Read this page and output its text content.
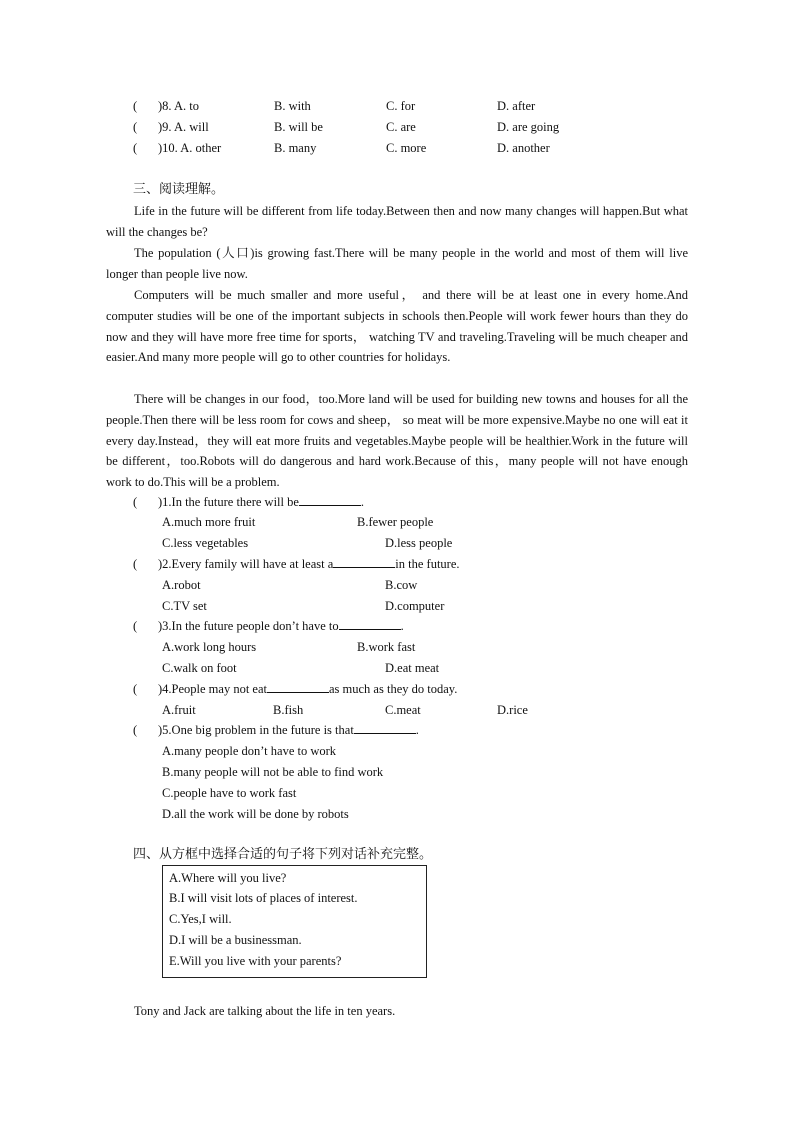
( )8. A. to	B. with	C. for	D. after
( )9. A. will	B. will be	C. are	D. are going
( )10. A. other	B. many	C. more	D. another
三、阅读理解。
Life in the future will be different from life today.Between then and now many changes will happen.But what will the changes be?
The population (人口)is growing fast.There will be many people in the world and most of them will live longer than people live now.
Computers will be much smaller and more useful， and there will be at least one in every home.And computer studies will be one of the important subjects in schools then.People will work fewer hours than they do now and they will have more free time for sports， watching TV and traveling.Traveling will be much cheaper and easier.And many more people will go to other countries for holidays.
There will be changes in our food，too.More land will be used for building new towns and houses for all the people.Then there will be less room for cows and sheep， so meat will be more expensive.Maybe no one will eat it every day.Instead，they will eat more fruits and vegetables.Maybe people will be healthier.Work in the future will be different，too.Robots will do dangerous and hard work.Because of this，many people will not have enough work to do.This will be a problem.
( )1.In the future there will be	.
A.much more fruit	B.fewer people
C.less vegetables	D.less people
( )2.Every family will have at least a	in the future.
A.robot	B.cow
C.TV set	D.computer
( )3.In the future people don’t have to	.
A.work long hours	B.work fast
C.walk on foot	D.eat meat
( )4.People may not eat	as much as they do today.
A.fruit	B.fish	C.meat	D.rice
( )5.One big problem in the future is that	.
A.many people don’t have to work
B.many people will not be able to find work
C.people have to work fast
D.all the work will be done by robots
四、从方框中选择合适的句子将下列对话补充完整。
A.Where will you live?
B.I will visit lots of places of interest.
C.Yes,I will.
D.I will be a businessman.
E.Will you live with your parents?
Tony and Jack are talking about the life in ten years.
